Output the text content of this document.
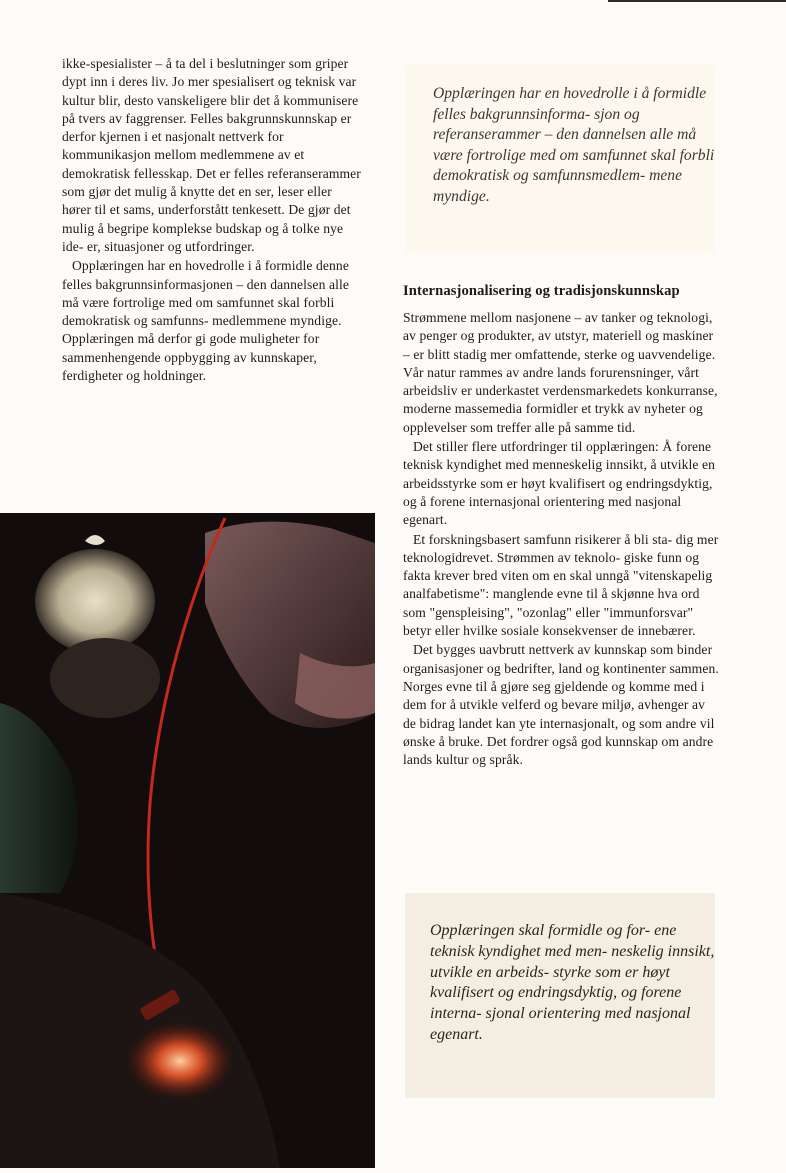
ikke-spesialister – å ta del i beslutninger som griper dypt inn i deres liv. Jo mer spesialisert og teknisk var kultur blir, desto vanskeligere blir det å kommunisere på tvers av faggrenser. Felles bakgrunnskunnskap er derfor kjernen i et nasjonalt nettverk for kommunikasjon mellom medlemmene av et demokratisk fellesskap. Det er felles referanserammer som gjør det mulig å knytte det en ser, leser eller hører til et sams, underforstått tenkesett. De gjør det mulig å begripe komplekse budskap og å tolke nye ide- er, situasjoner og utfordringer.

Opplæringen har en hovedrolle i å formidle denne felles bakgrunnsinformasjonen – den dannelsen alle må være fortrolige med om samfunnet skal forbli demokratisk og samfunns- medlemmene myndige. Opplæringen må derfor gi gode muligheter for sammenhengende oppbygging av kunnskaper, ferdigheter og holdninger.

Opplæringen har en hovedrolle i å formidle felles bakgrunnsinforma- sjon og referanserammer – den dannelsen alle må være fortrolige med om samfunnet skal forbli demokratisk og samfunnsmedlem- mene myndige.
Internasjonalisering og tradisjonskunnskap

Strømmene mellom nasjonene – av tanker og teknologi, av penger og produkter, av utstyr, materiell og maskiner – er blitt stadig mer omfattende, sterke og uavvendelige. Vår natur rammes av andre lands forurensninger, vårt arbeidsliv er underkastet verdensmarkedets konkurranse, moderne massemedia formidler et trykk av nyheter og opplevelser som treffer alle på samme tid.

Det stiller flere utfordringer til opplæringen: Å forene teknisk kyndighet med menneskelig innsikt, å utvikle en arbeidsstyrke som er høyt kvalifisert og endringsdyktig, og å forene internasjonal orientering med nasjonal egenart.

Et forskningsbasert samfunn risikerer å bli sta- dig mer teknologidrevet. Strømmen av teknolo- giske funn og fakta krever bred viten om en skal unngå "vitenskapelig analfabetisme": manglende evne til å skjønne hva ord som "genspleising", "ozonlag" eller "immunforsvar" betyr eller hvilke sosiale konsekvenser de innebærer.

Det bygges uavbrutt nettverk av kunnskap som binder organisasjoner og bedrifter, land og kontinenter sammen. Norges evne til å gjøre seg gjeldende og komme med i dem for å utvikle velferd og bevare miljø, avhenger av de bidrag landet kan yte internasjonalt, og som andre vil ønske å bruke. Det fordrer også god kunnskap om andre lands kultur og språk.

Opplæringen skal formidle og for- ene teknisk kyndighet med men- neskelig innsikt, utvikle en arbeids- styrke som er høyt kvalifisert og endringsdyktig, og forene interna- sjonal orientering med nasjonal egenart.
